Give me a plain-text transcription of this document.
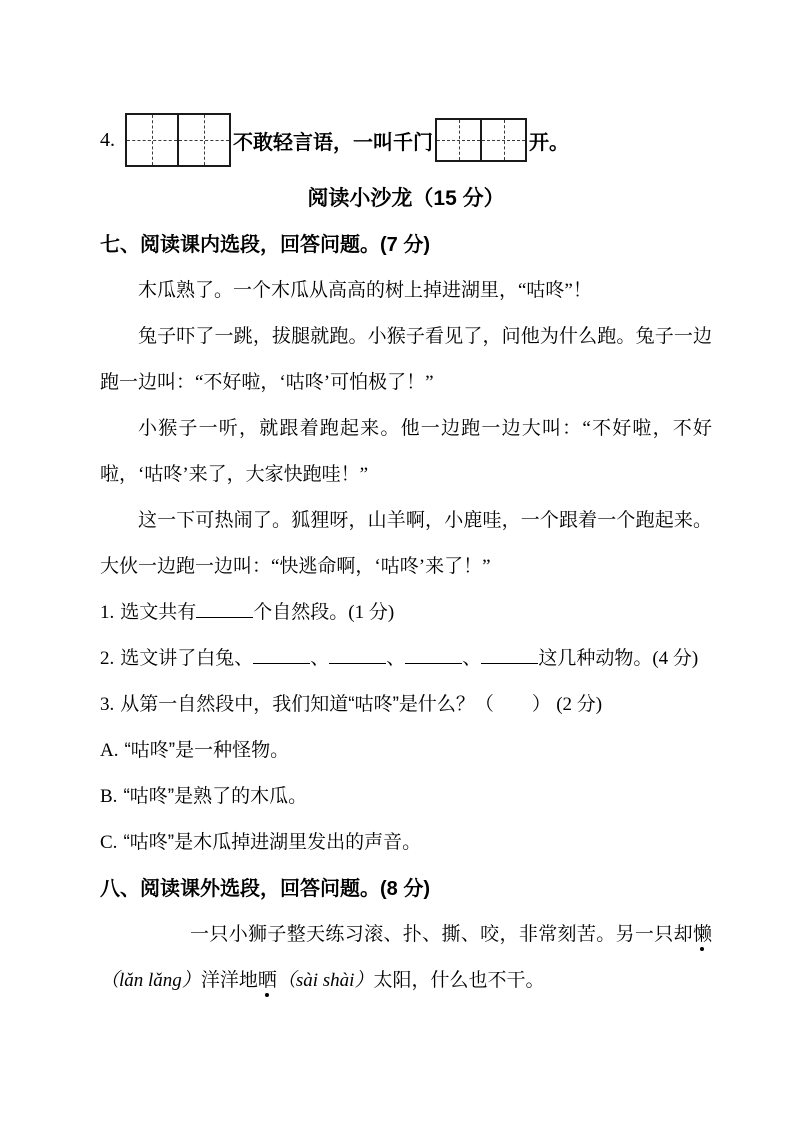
4.	不敢轻言语，一叫千门	开。
阅读小沙龙（15 分）
七、阅读课内选段，回答问题。(7 分)

木瓜熟了。一个木瓜从高高的树上掉进湖里，“咕咚”！

兔子吓了一跳，拔腿就跑。小猴子看见了，问他为什么跑。兔子一边跑一边叫：“不好啦，‘咕咚’可怕极了！”

小猴子一听，就跟着跑起来。他一边跑一边大叫：“不好啦，不好啦，‘咕咚’来了，大家快跑哇！”

这一下可热闹了。狐狸呀，山羊啊，小鹿哇，一个跟着一个跑起来。大伙一边跑一边叫：“快逃命啊，‘咕咚’来了！”

1. 选文共有	个自然段。(1 分)
2. 选文讲了白兔、	、	、	、	这几种动物。(4 分)
3. 从第一自然段中，我们知道“咕咚”是什么？（　　） (2 分)
A. “咕咚”是一种怪物。
B. “咕咚”是熟了的木瓜。
C. “咕咚”是木瓜掉进湖里发出的声音。
八、阅读课外选段，回答问题。(8 分)

一只小狮子整天练习滚、扑、撕、咬，非常刻苦。另一只却懒（lǎn lǎng）洋洋地晒（sài shài）太阳，什么也不干。
